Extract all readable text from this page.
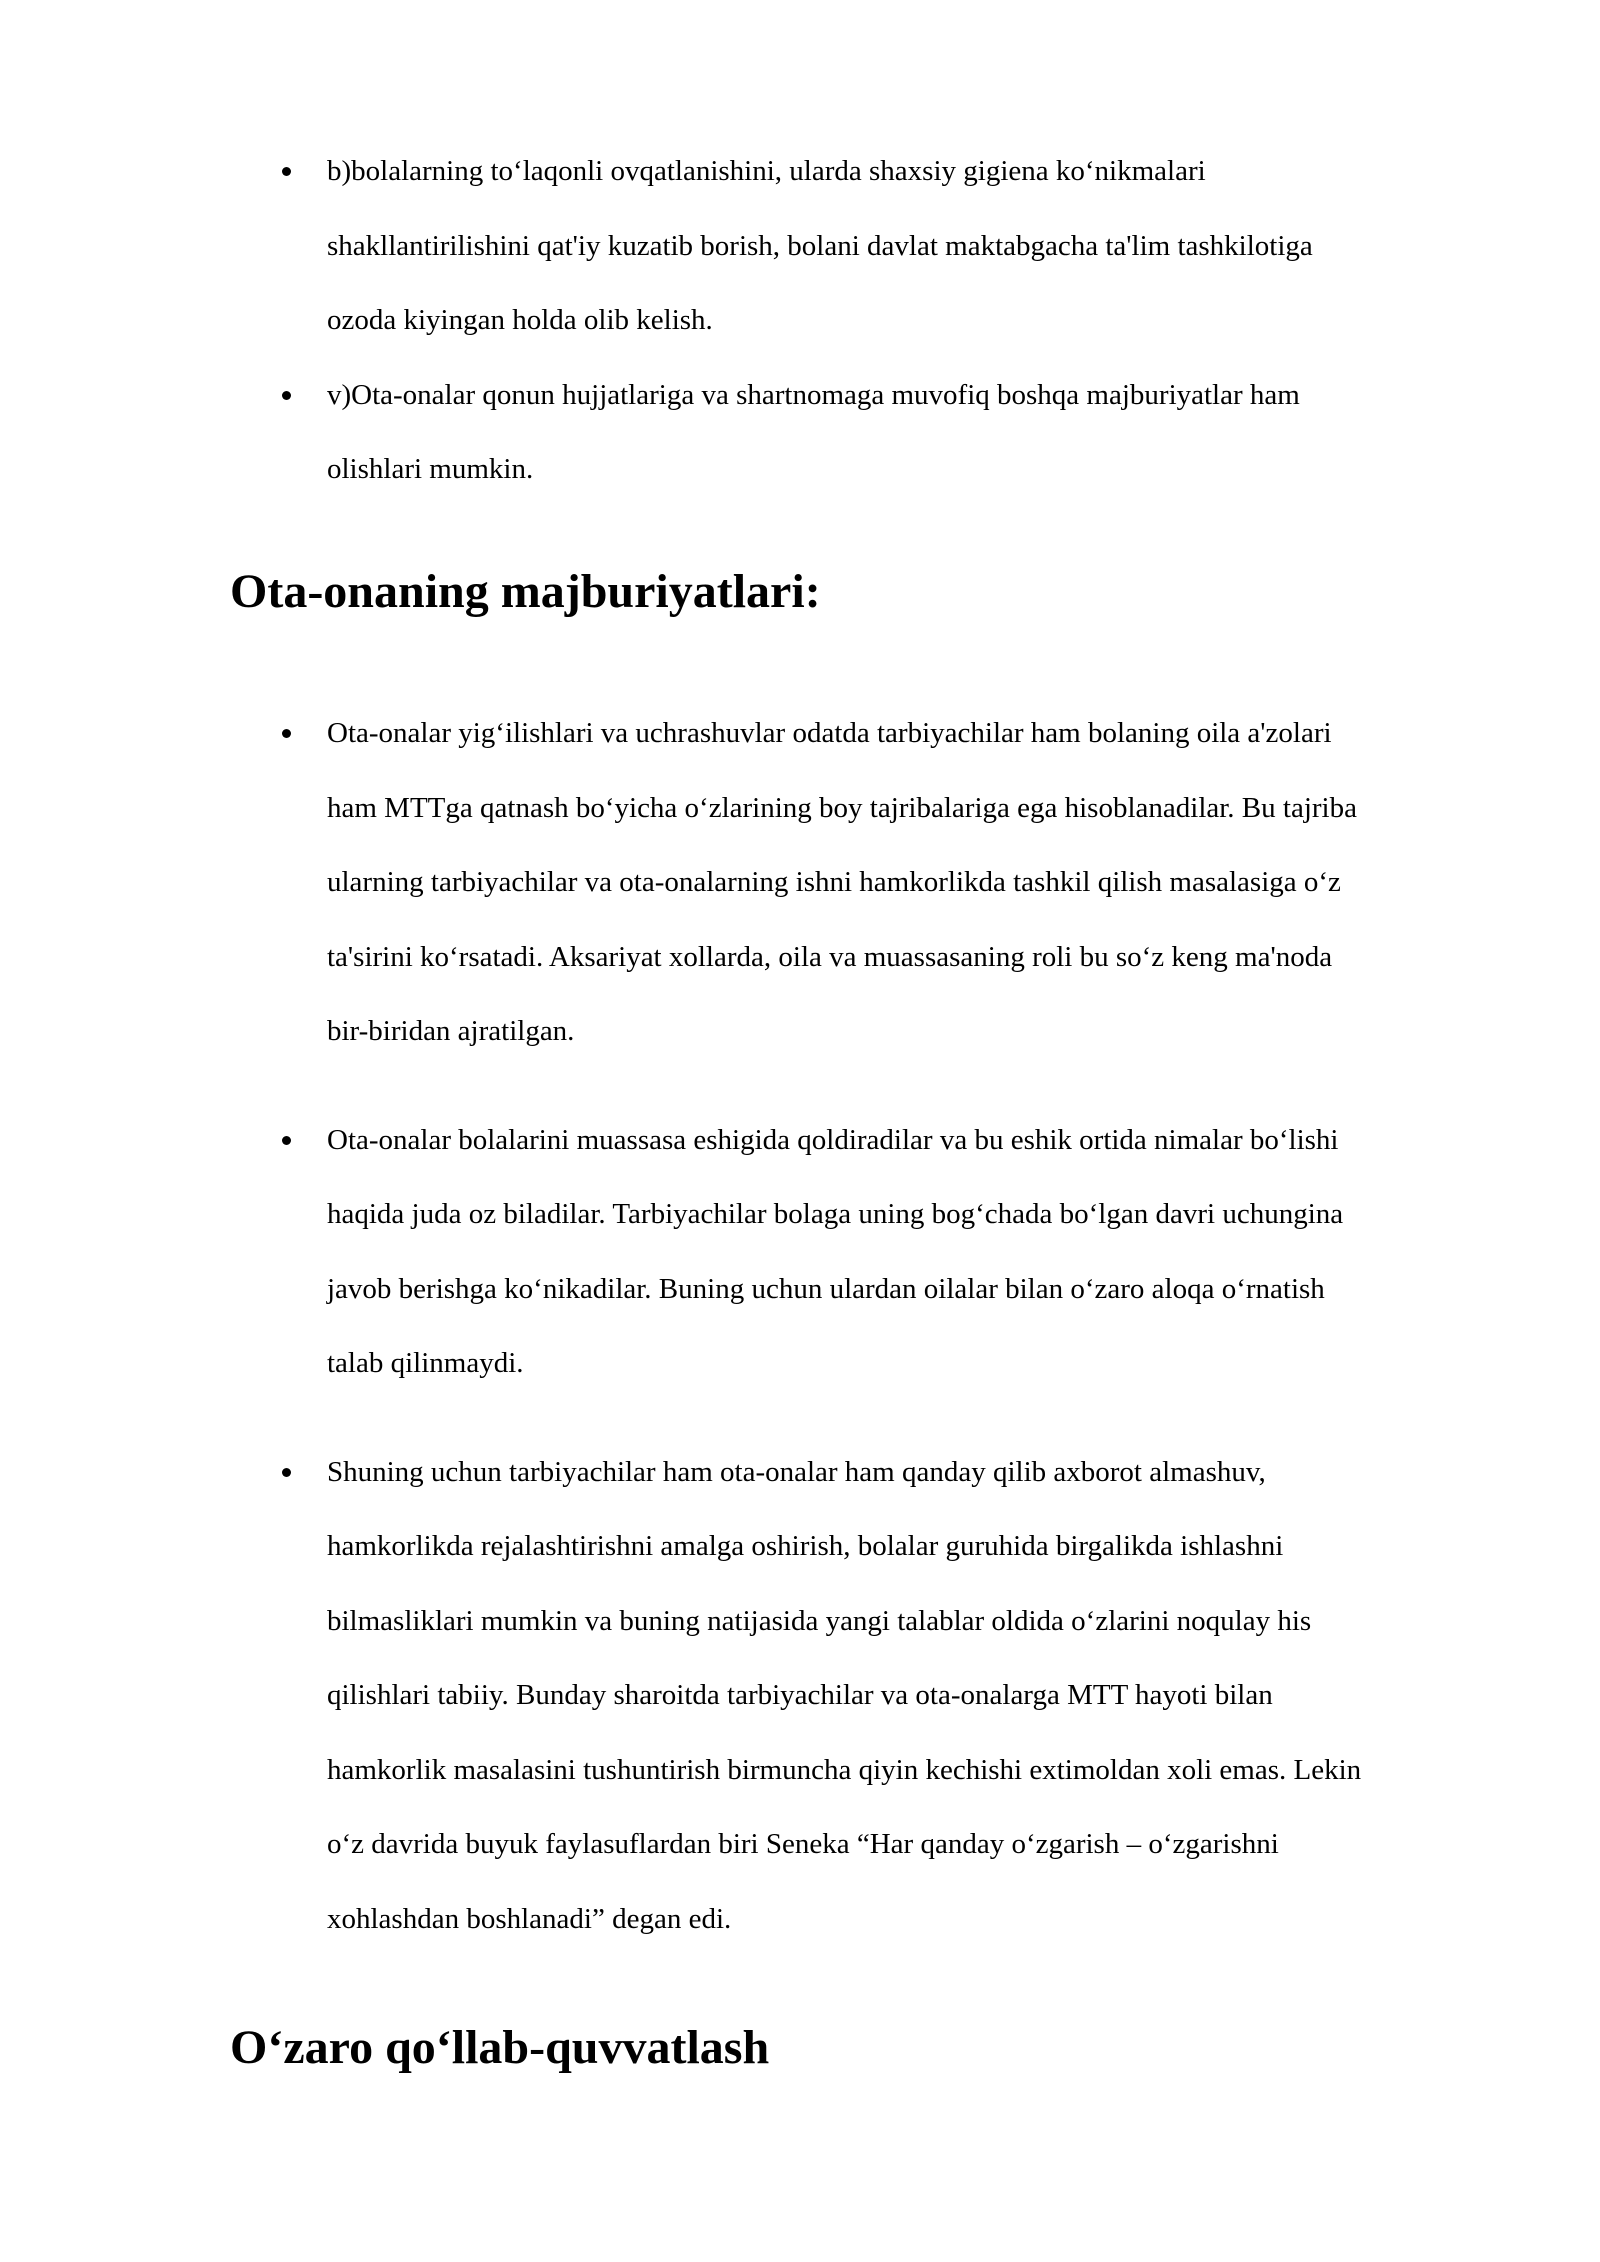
b)bolalarning to‘laqonli ovqatlanishini, ularda shaxsiy gigiena ko‘nikmalari
shakllantirilishini qat'iy kuzatib borish, bolani davlat maktabgacha ta'lim tashkilotiga
ozoda kiyingan holda olib kelish.
v)Ota-onalar qonun hujjatlariga va shartnomaga muvofiq boshqa majburiyatlar ham
olishlari mumkin.
Ota-onaning majburiyatlari:
Ota-onalar yig‘ilishlari va uchrashuvlar odatda tarbiyachilar ham bolaning oila a'zolari
ham MTTga qatnash bo‘yicha o‘zlarining boy tajribalariga ega hisoblanadilar. Bu tajriba
ularning tarbiyachilar va ota-onalarning ishni hamkorlikda tashkil qilish masalasiga o‘z
ta'sirini ko‘rsatadi. Aksariyat xollarda, oila va muassasaning roli bu so‘z keng ma'noda
bir-biridan ajratilgan.
Ota-onalar bolalarini muassasa eshigida qoldiradilar va bu eshik ortida nimalar bo‘lishi
haqida juda oz biladilar. Tarbiyachilar bolaga uning bog‘chada bo‘lgan davri uchungina
javob berishga ko‘nikadilar. Buning uchun ulardan oilalar bilan o‘zaro aloqa o‘rnatish
talab qilinmaydi.
Shuning uchun tarbiyachilar ham ota-onalar ham qanday qilib axborot almashuv,
hamkorlikda rejalashtirishni amalga oshirish, bolalar guruhida birgalikda ishlashni
bilmasliklari mumkin va buning natijasida yangi talablar oldida o‘zlarini noqulay his
qilishlari tabiiy. Bunday sharoitda tarbiyachilar va ota-onalarga MTT hayoti bilan
hamkorlik masalasini tushuntirish birmuncha qiyin kechishi extimoldan xoli emas. Lekin
o‘z davrida buyuk faylasuflardan biri Seneka “Har qanday o‘zgarish – o‘zgarishni
xohlashdan boshlanadi” degan edi.
O‘zaro qo‘llab-quvvatlash
